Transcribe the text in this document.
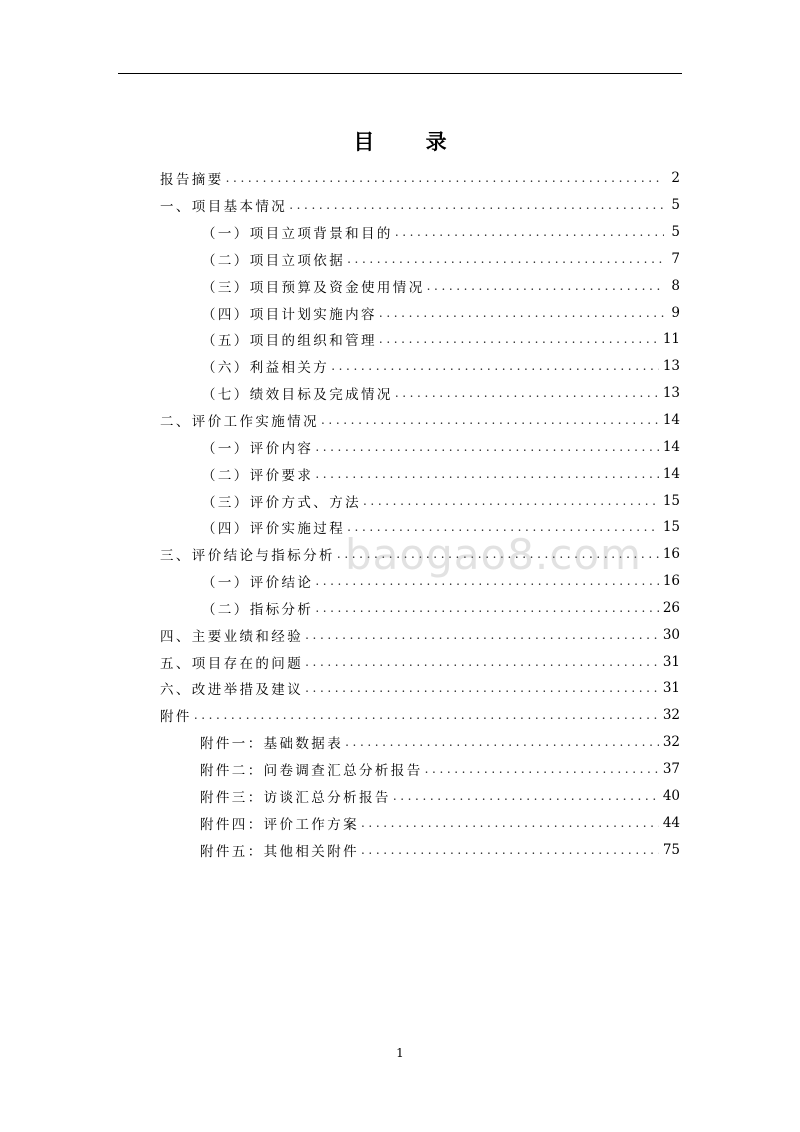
目 录
报告摘要 .....	2
一、项目基本情况 .....	5
（一）项目立项背景和目的 .....	5
（二）项目立项依据 .....	7
（三）项目预算及资金使用情况 .....	8
（四）项目计划实施内容 .....	9
（五）项目的组织和管理 .....	11
（六）利益相关方 .....	13
（七）绩效目标及完成情况 .....	13
二、评价工作实施情况 .....	14
（一）评价内容 .....	14
（二）评价要求 .....	14
（三）评价方式、方法 .....	15
（四）评价实施过程 .....	15
三、评价结论与指标分析 .....	16
（一）评价结论 .....	16
（二）指标分析 .....	26
四、主要业绩和经验 .....	30
五、项目存在的问题 .....	31
六、改进举措及建议 .....	31
附件 .....	32
附件一：基础数据表 .....	32
附件二：问卷调查汇总分析报告 .....	37
附件三：访谈汇总分析报告 .....	40
附件四：评价工作方案 .....	44
附件五：其他相关附件 .....	75
baogao8.com
1
